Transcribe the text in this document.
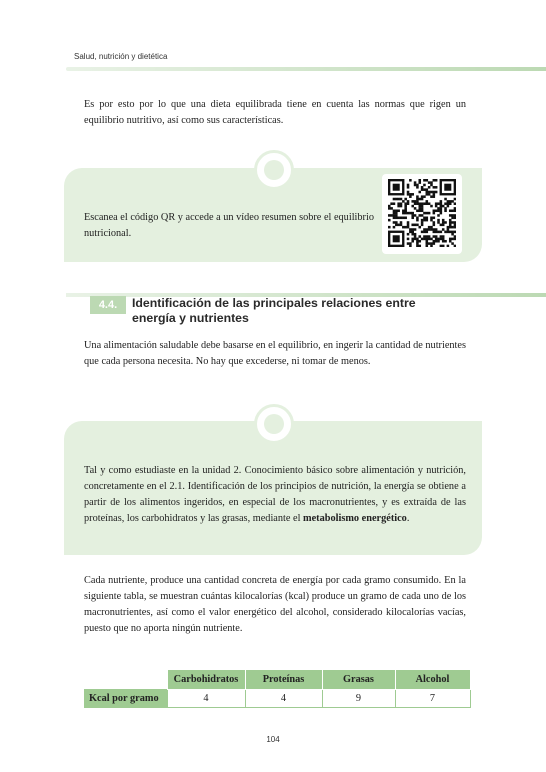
Salud, nutrición y dietética

Es por esto por lo que una dieta equilibrada tiene en cuenta las normas que rigen un equilibrio nutritivo, así como sus características.

Escanea el código QR y accede a un vídeo resumen sobre el equilibrio nutricional.

4.4.	Identificación de las principales relaciones entre energía y nutrientes

Una alimentación saludable debe basarse en el equilibrio, en ingerir la cantidad de nutrientes que cada persona necesita. No hay que excederse, ni tomar de menos.

Tal y como estudiaste en la unidad 2. Conocimiento básico sobre alimentación y nutrición, concretamente en el 2.1. Identificación de los principios de nutrición, la energía se obtiene a partir de los alimentos ingeridos, en especial de los macronutrientes, y es extraída de las proteínas, los carbohidratos y las grasas, mediante el metabolismo energético.

Cada nutriente, produce una cantidad concreta de energía por cada gramo consumido. En la siguiente tabla, se muestran cuántas kilocalorías (kcal) produce un gramo de cada uno de los macronutrientes, así como el valor energético del alcohol, considerado kilocalorías vacías, puesto que no aporta ningún nutriente.

	Carbohidratos	Proteínas	Grasas	Alcohol
Kcal por gramo	4	4	9	7
104
